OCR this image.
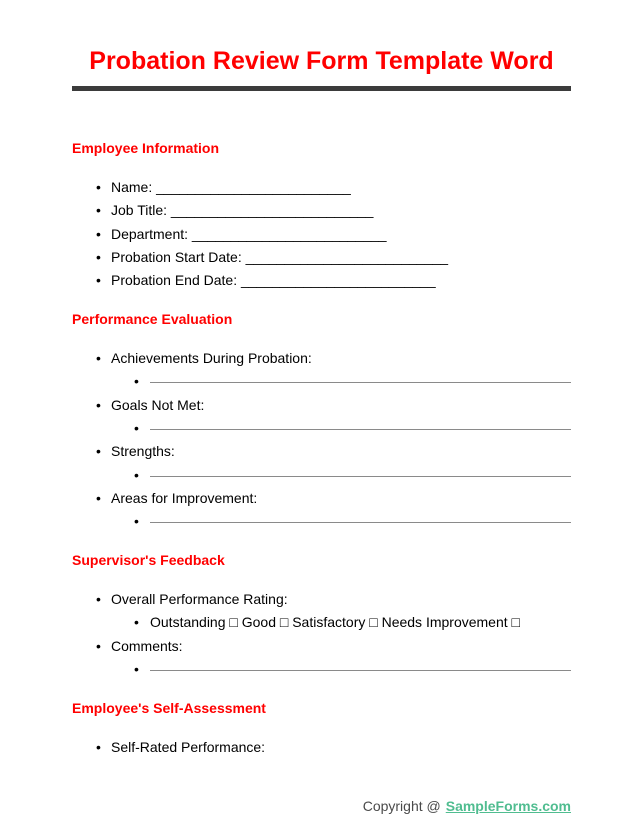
Probation Review Form Template Word
Employee Information
• Name: _________________________
• Job Title: __________________________
• Department: _________________________
• Probation Start Date: __________________________
• Probation End Date: _________________________
Performance Evaluation
• Achievements During Probation:
•
• Goals Not Met:
•
• Strengths:
•
• Areas for Improvement:
•
Supervisor's Feedback
• Overall Performance Rating:
• Outstanding □ Good □ Satisfactory □ Needs Improvement □
• Comments:
•
Employee's Self-Assessment
• Self-Rated Performance:
Copyright @ SampleForms.com
